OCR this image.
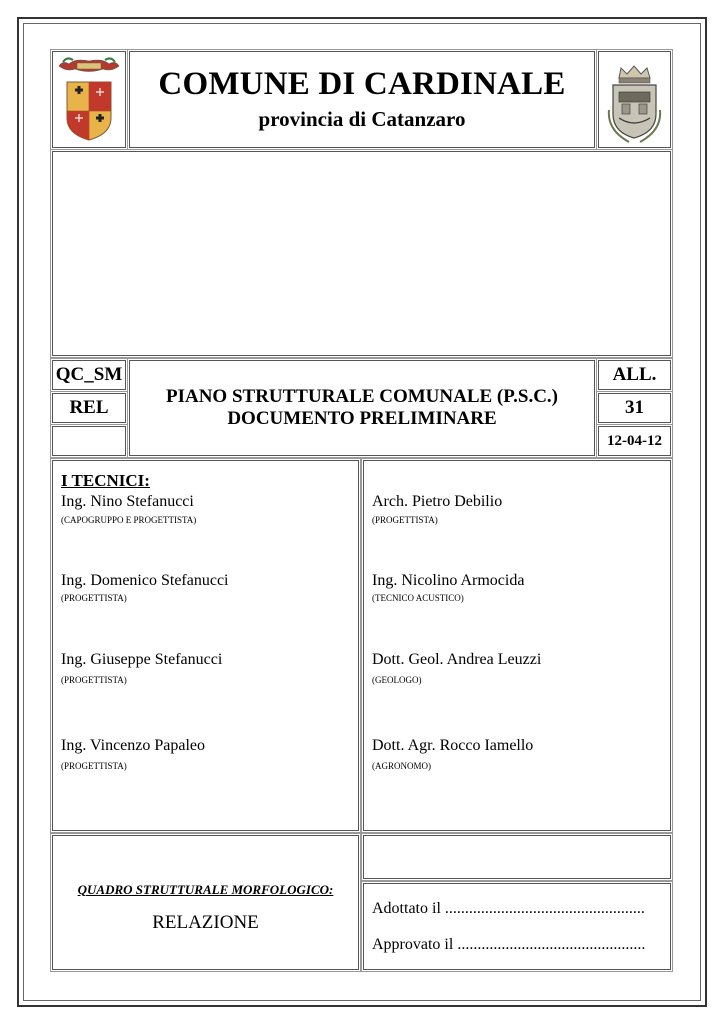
COMUNE DI CARDINALE
provincia di Catanzaro
QC_SM
REL
PIANO STRUTTURALE COMUNALE (P.S.C.)
DOCUMENTO PRELIMINARE
ALL.
31
12-04-12
I TECNICI:
Ing. Nino Stefanucci
(CAPOGRUPPO E PROGETTISTA)
Ing. Domenico Stefanucci
(PROGETTISTA)
Ing. Giuseppe Stefanucci
(PROGETTISTA)
Ing. Vincenzo Papaleo
(PROGETTISTA)
Arch. Pietro Debilio
(PROGETTISTA)
Ing. Nicolino Armocida
(TECNICO ACUSTICO)
Dott. Geol. Andrea Leuzzi
(GEOLOGO)
Dott. Agr. Rocco Iamello
(AGRONOMO)
QUADRO STRUTTURALE MORFOLOGICO:
RELAZIONE
Adottato il ..................................................
Approvato il ...............................................
